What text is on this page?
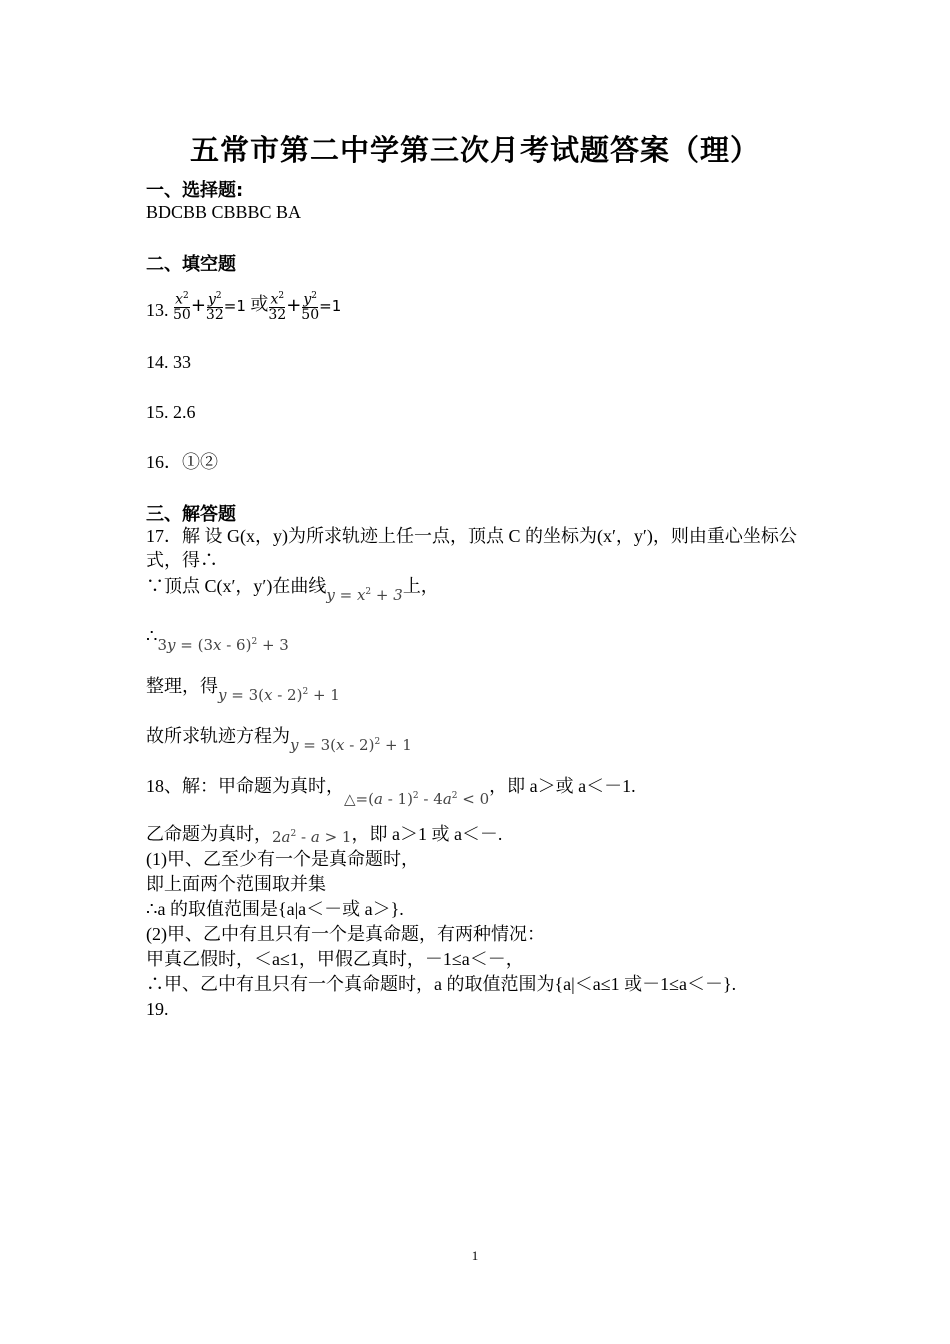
五常市第二中学第三次月考试题答案（理）
一、选择题:
BDCBB CBBBC BA
二、填空题
13. $\frac{x^2}{50} + \frac{y^2}{32} =1$ 或 $\frac{x^2}{32} + \frac{y^2}{50} =1$
14. 33
15. 2.6
16．①②
三、解答题
17．解 设 G(x，y)为所求轨迹上任一点，顶点 C 的坐标为(x′，y′)，则由重心坐标公式，得∴
∵顶点 C(x′，y′)在曲线$_{y = x^2 + 3}$上，
$\therefore_{3y = (3x - 6)^2 + 3}$
整理，得$_{y = 3(x - 2)^2 + 1}$
故所求轨迹方程为$_{y = 3(x - 2)^2 + 1}$
18、解：甲命题为真时，$_{\triangle=(a - 1)^2 - 4a^2 < 0}$，即 a＞或 a＜－1.
乙命题为真时，$2a^2 - a > 1$，即 a＞1 或 a＜－.
(1)甲、乙至少有一个是真命题时，
即上面两个范围取并集
∴a 的取值范围是{a|a＜－或 a＞}.
(2)甲、乙中有且只有一个是真命题，有两种情况：
甲真乙假时，＜a≤1，甲假乙真时，－1≤a＜－，
∴甲、乙中有且只有一个真命题时，a 的取值范围为{a|＜a≤1 或－1≤a＜－}.
19.
1
